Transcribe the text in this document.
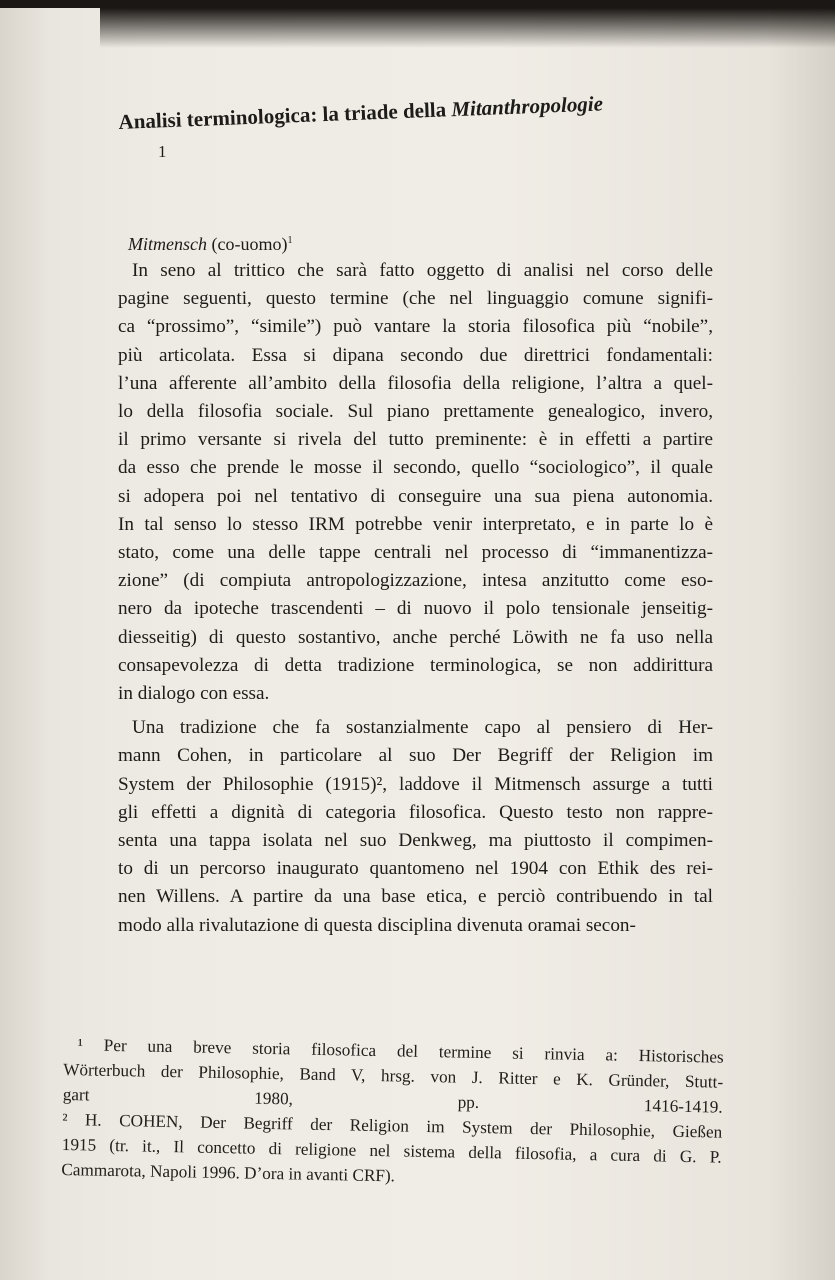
Analisi terminologica: la triade della Mitanthropologie
1
Mitmensch (co-uomo)$^1$
In seno al trittico che sarà fatto oggetto di analisi nel corso delle
pagine seguenti, questo termine (che nel linguaggio comune signifi-
ca “prossimo”, “simile”) può vantare la storia filosofica più “nobile”,
più articolata. Essa si dipana secondo due direttrici fondamentali:
l’una afferente all’ambito della filosofia della religione, l’altra a quel-
lo della filosofia sociale. Sul piano prettamente genealogico, invero,
il primo versante si rivela del tutto preminente: è in effetti a partire
da esso che prende le mosse il secondo, quello “sociologico”, il quale
si adopera poi nel tentativo di conseguire una sua piena autonomia.
In tal senso lo stesso IRM potrebbe venir interpretato, e in parte lo è
stato, come una delle tappe centrali nel processo di “immanentizza-
zione” (di compiuta antropologizzazione, intesa anzitutto come eso-
nero da ipoteche trascendenti – di nuovo il polo tensionale jenseitig-
diesseitig) di questo sostantivo, anche perché Löwith ne fa uso nella
consapevolezza di detta tradizione terminologica, se non addirittura
in dialogo con essa.
Una tradizione che fa sostanzialmente capo al pensiero di Her-
mann Cohen, in particolare al suo Der Begriff der Religion im
System der Philosophie (1915)², laddove il Mitmensch assurge a tutti
gli effetti a dignità di categoria filosofica. Questo testo non rappre-
senta una tappa isolata nel suo Denkweg, ma piuttosto il compimen-
to di un percorso inaugurato quantomeno nel 1904 con Ethik des rei-
nen Willens. A partire da una base etica, e perciò contribuendo in tal
modo alla rivalutazione di questa disciplina divenuta oramai secon-
¹ Per una breve storia filosofica del termine si rinvia a: Historisches
Wörterbuch der Philosophie, Band V, hrsg. von J. Ritter e K. Gründer, Stutt-
gart 1980, pp. 1416-1419.
² H. COHEN, Der Begriff der Religion im System der Philosophie, Gießen
1915 (tr. it., Il concetto di religione nel sistema della filosofia, a cura di G. P.
Cammarota, Napoli 1996. D’ora in avanti CRF).
